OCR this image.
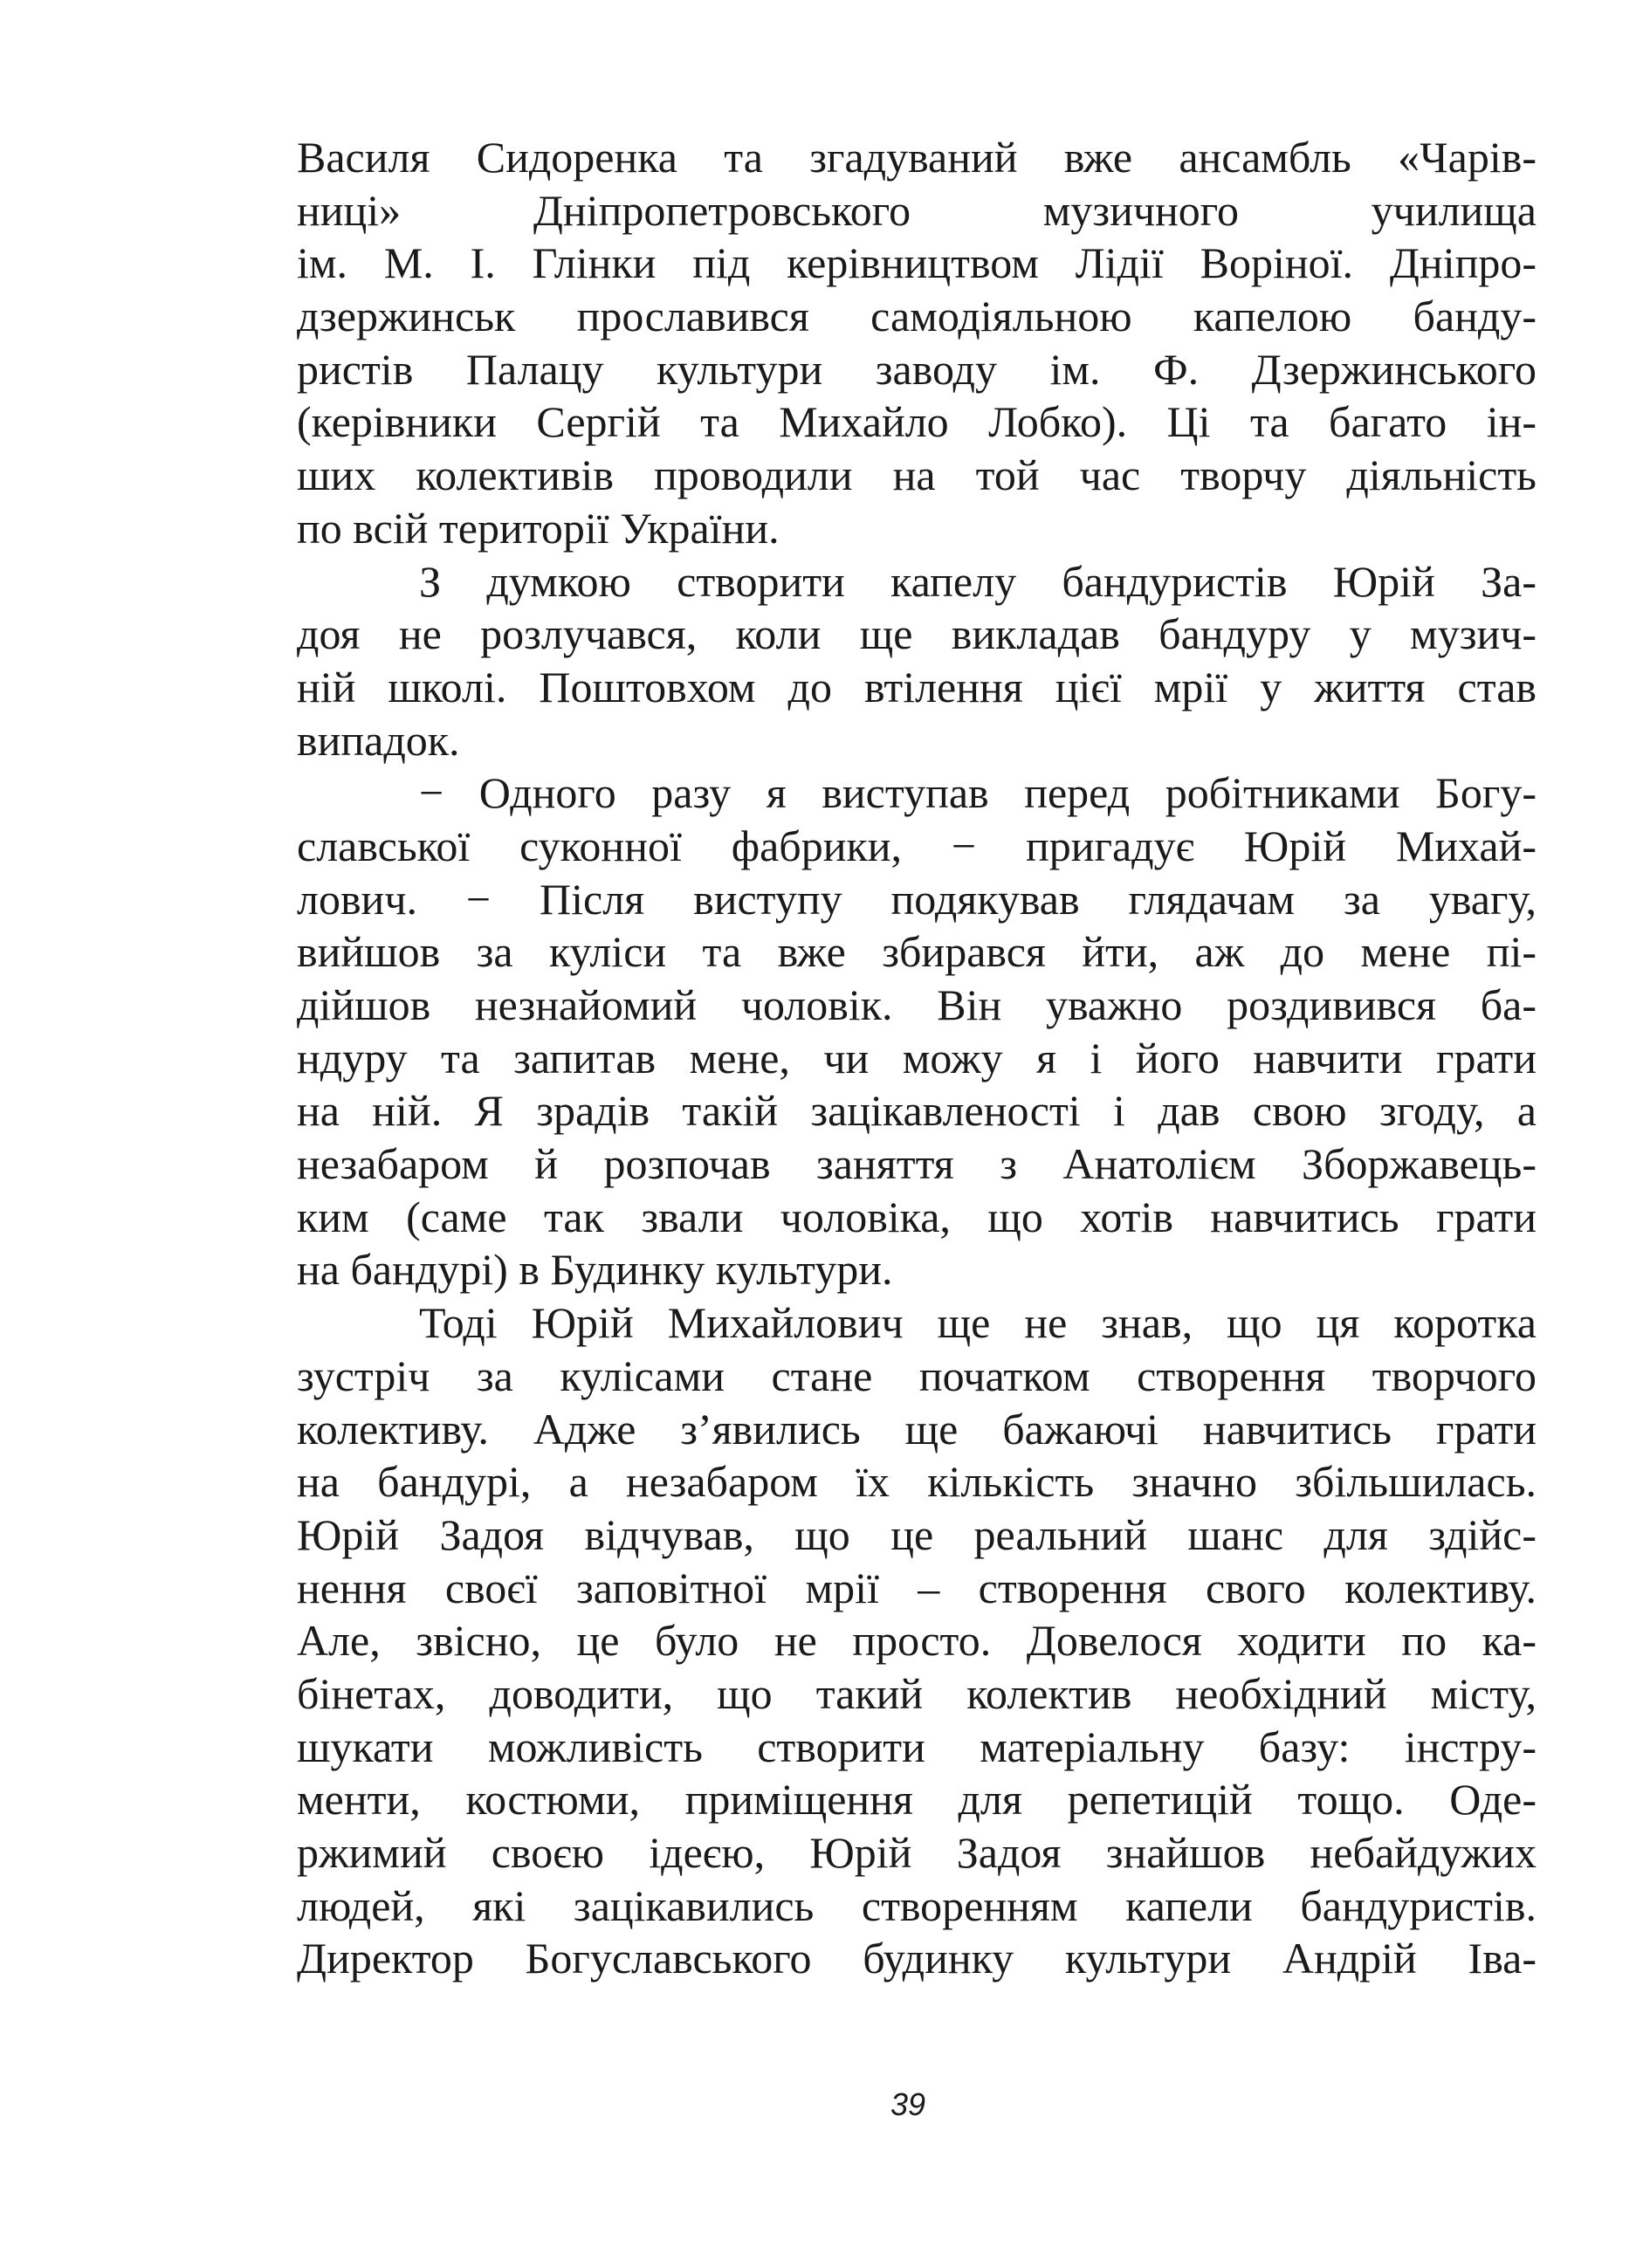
Василя Сидоренка та згадуваний вже ансамбль «Чарів-
ниці» Дніпропетровського музичного училища
ім. М. І. Глінки під керівництвом Лідії Воріної. Дніпро-
дзержинськ прославився самодіяльною капелою банду-
ристів Палацу культури заводу ім. Ф. Дзержинського
(керівники Сергій та Михайло Лобко). Ці та багато ін-
ших колективів проводили на той час творчу діяльність
по всій території України.
З думкою створити капелу бандуристів Юрій За-
доя не розлучався, коли ще викладав бандуру у музич-
ній школі. Поштовхом до втілення цієї мрії у життя став
випадок.
− Одного разу я виступав перед робітниками Богу-
славської суконної фабрики, − пригадує Юрій Михай-
лович. − Після виступу подякував глядачам за увагу,
вийшов за куліси та вже збирався йти, аж до мене пі-
дійшов незнайомий чоловік. Він уважно роздивився ба-
ндуру та запитав мене, чи можу я і його навчити грати
на ній. Я зрадів такій зацікавленості і дав свою згоду, а
незабаром й розпочав заняття з Анатолієм Зборжавець-
ким (саме так звали чоловіка, що хотів навчитись грати
на бандурі) в Будинку культури.
Тоді Юрій Михайлович ще не знав, що ця коротка
зустріч за кулісами стане початком створення творчого
колективу. Адже з’явились ще бажаючі навчитись грати
на бандурі, а незабаром їх кількість значно збільшилась.
Юрій Задоя відчував, що це реальний шанс для здійс-
нення своєї заповітної мрії – створення свого колективу.
Але, звісно, це було не просто. Довелося ходити по ка-
бінетах, доводити, що такий колектив необхідний місту,
шукати можливість створити матеріальну базу: інстру-
менти, костюми, приміщення для репетицій тощо. Оде-
ржимий своєю ідеєю, Юрій Задоя знайшов небайдужих
людей, які зацікавились створенням капели бандуристів.
Директор Богуславського будинку культури Андрій Іва-
39
